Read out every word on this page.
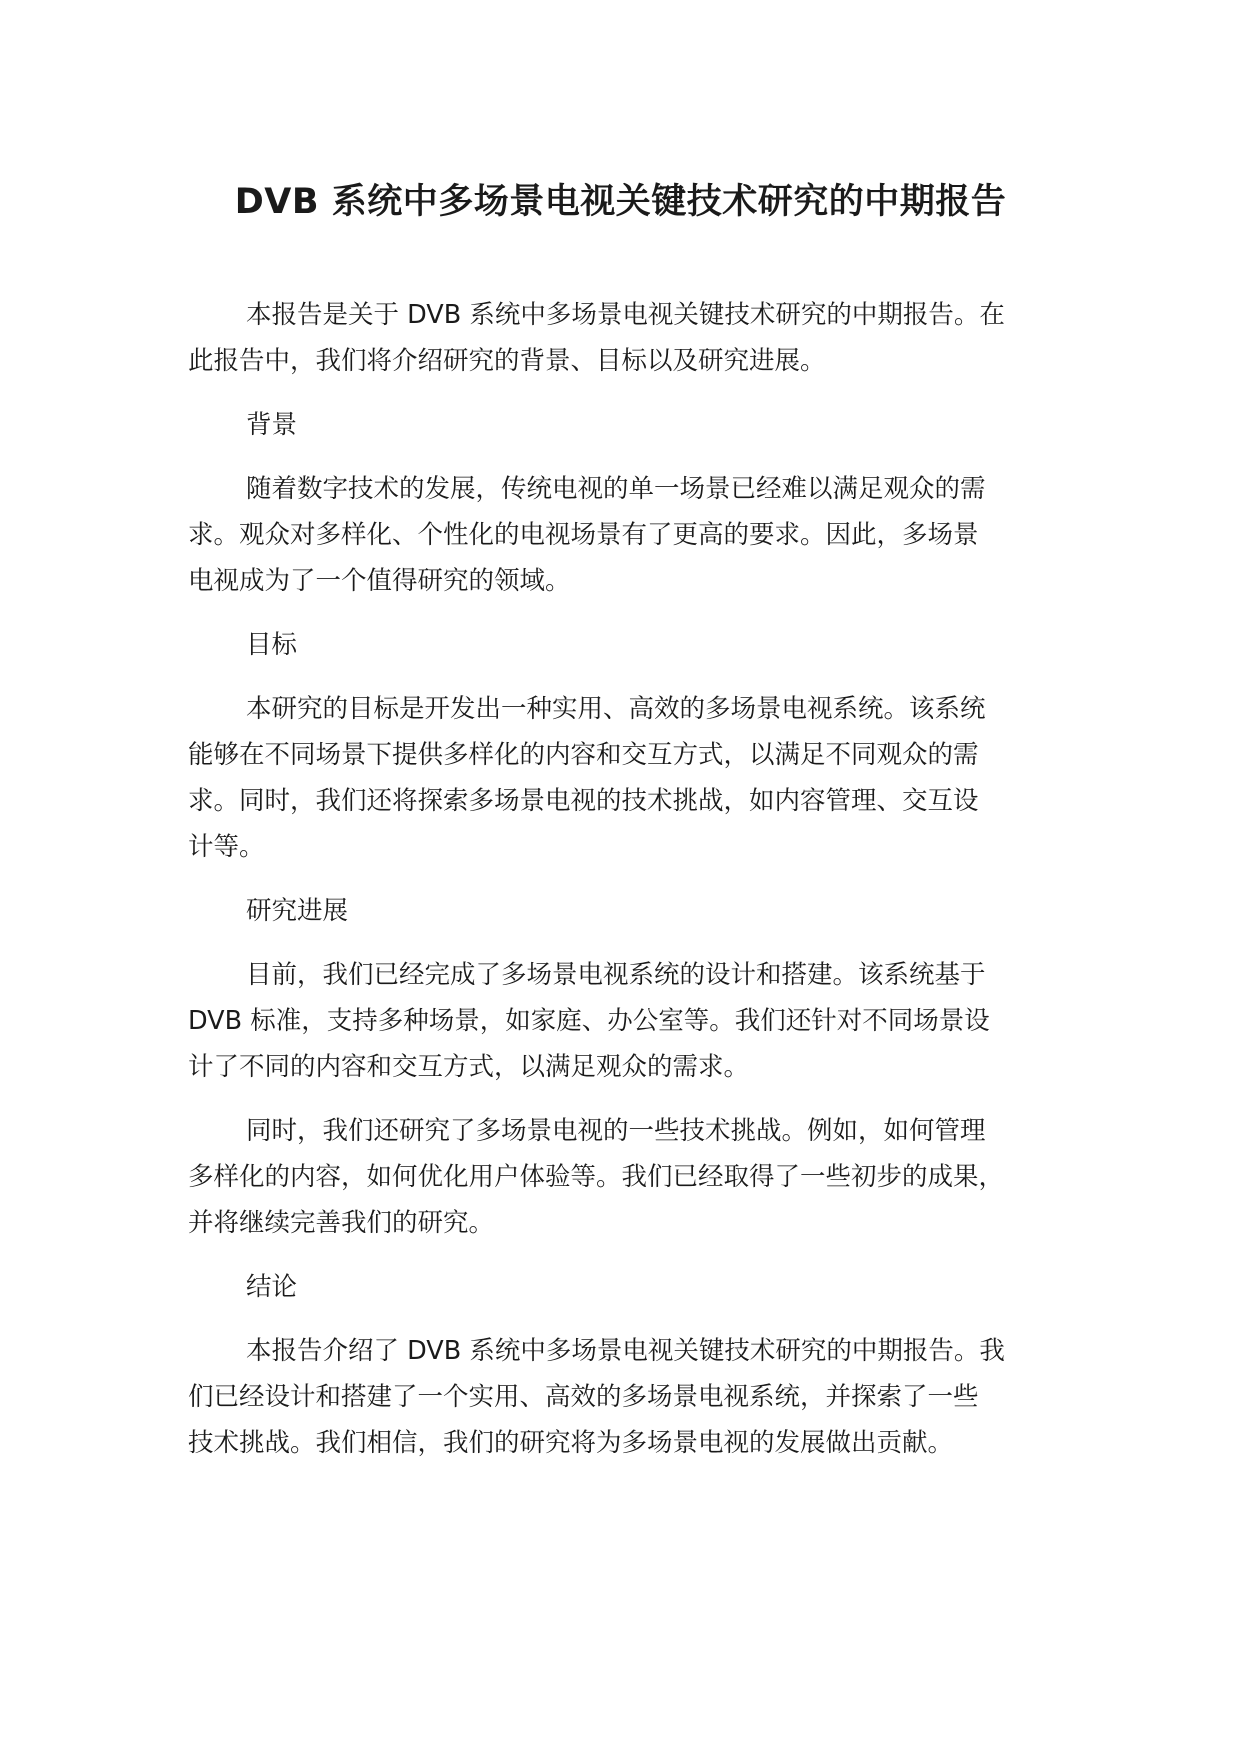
DVB 系统中多场景电视关键技术研究的中期报告

本报告是关于 DVB 系统中多场景电视关键技术研究的中期报告。在
此报告中，我们将介绍研究的背景、目标以及研究进展。

背景

随着数字技术的发展，传统电视的单一场景已经难以满足观众的需
求。观众对多样化、个性化的电视场景有了更高的要求。因此，多场景
电视成为了一个值得研究的领域。

目标

本研究的目标是开发出一种实用、高效的多场景电视系统。该系统
能够在不同场景下提供多样化的内容和交互方式，以满足不同观众的需
求。同时，我们还将探索多场景电视的技术挑战，如内容管理、交互设
计等。

研究进展

目前，我们已经完成了多场景电视系统的设计和搭建。该系统基于
DVB 标准，支持多种场景，如家庭、办公室等。我们还针对不同场景设
计了不同的内容和交互方式，以满足观众的需求。

同时，我们还研究了多场景电视的一些技术挑战。例如，如何管理
多样化的内容，如何优化用户体验等。我们已经取得了一些初步的成果，
并将继续完善我们的研究。

结论

本报告介绍了 DVB 系统中多场景电视关键技术研究的中期报告。我
们已经设计和搭建了一个实用、高效的多场景电视系统，并探索了一些
技术挑战。我们相信，我们的研究将为多场景电视的发展做出贡献。
